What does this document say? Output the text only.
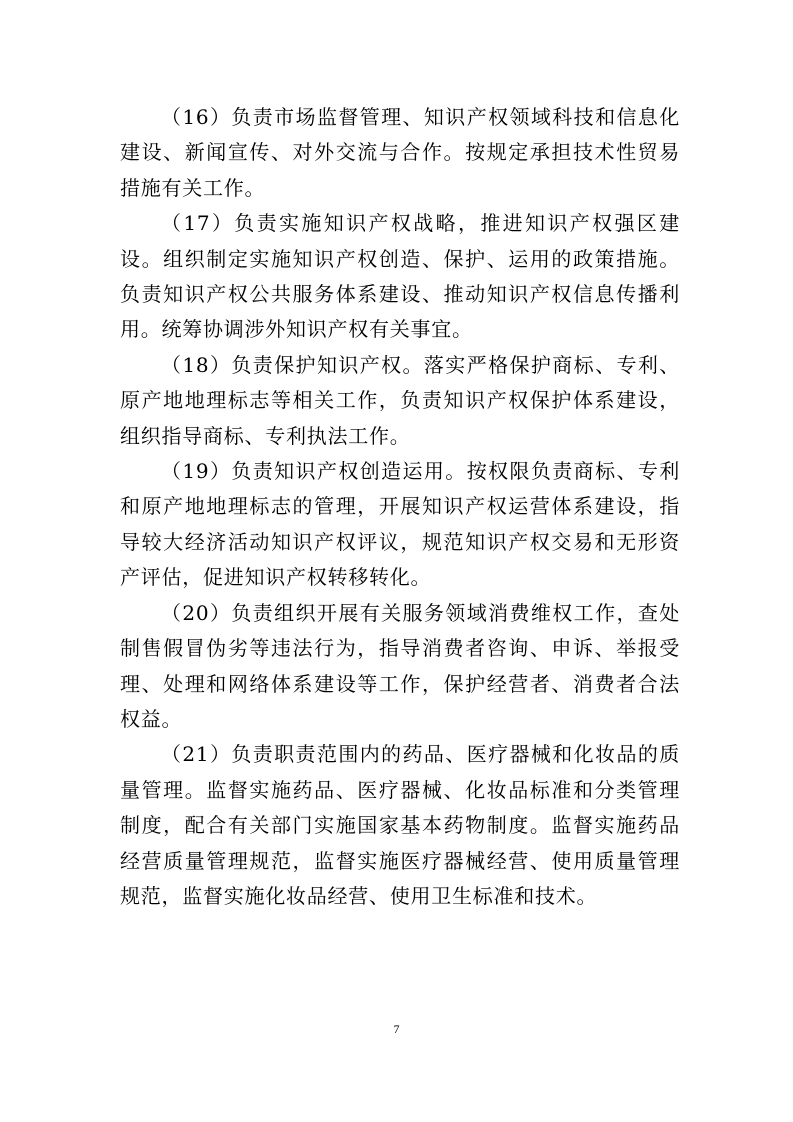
（16）负责市场监督管理、知识产权领域科技和信息化建设、新闻宣传、对外交流与合作。按规定承担技术性贸易措施有关工作。

（17）负责实施知识产权战略，推进知识产权强区建设。组织制定实施知识产权创造、保护、运用的政策措施。负责知识产权公共服务体系建设、推动知识产权信息传播利用。统筹协调涉外知识产权有关事宜。

（18）负责保护知识产权。落实严格保护商标、专利、原产地地理标志等相关工作，负责知识产权保护体系建设，组织指导商标、专利执法工作。

（19）负责知识产权创造运用。按权限负责商标、专利和原产地地理标志的管理，开展知识产权运营体系建设，指导较大经济活动知识产权评议，规范知识产权交易和无形资产评估，促进知识产权转移转化。

（20）负责组织开展有关服务领域消费维权工作，查处制售假冒伪劣等违法行为，指导消费者咨询、申诉、举报受理、处理和网络体系建设等工作，保护经营者、消费者合法权益。

（21）负责职责范围内的药品、医疗器械和化妆品的质量管理。监督实施药品、医疗器械、化妆品标准和分类管理制度，配合有关部门实施国家基本药物制度。监督实施药品经营质量管理规范，监督实施医疗器械经营、使用质量管理规范，监督实施化妆品经营、使用卫生标准和技术。

7
